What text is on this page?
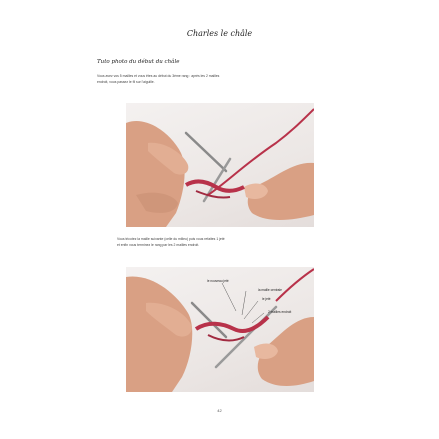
Charles le châle
Tuto photo du début du châle
Vous avez vos 5 mailles et vous êtes au début du 3ème rang : après les 2 mailles
endroit, vous passez le fil sur l'aiguille.
Vous tricotez la maille suivante (celle du milieu) puis vous refaites 1 jeté
et enfin vous terminez le rang par les 2 mailles endroit.
le nouveau jeté
la maille centrale
le jeté
2 mailles endroit
42
